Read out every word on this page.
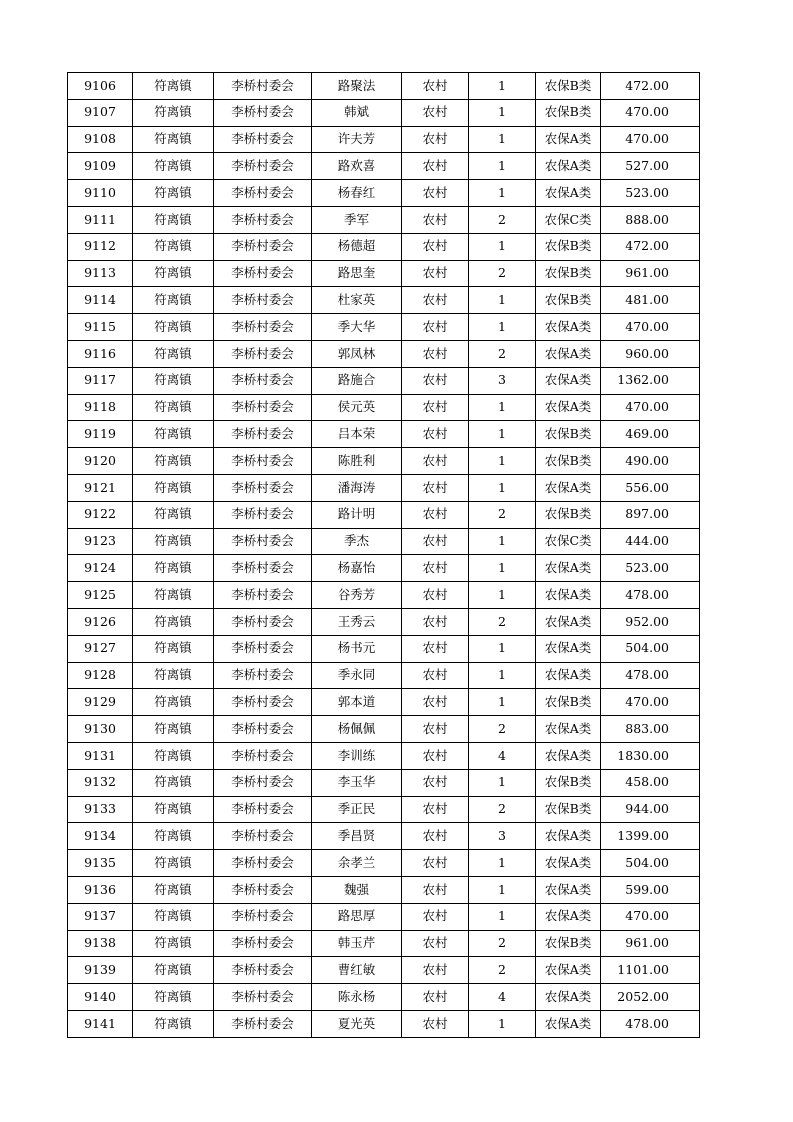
9106	符离镇	李桥村委会	路聚法	农村	1	农保B类	472.00
9107	符离镇	李桥村委会	韩斌	农村	1	农保B类	470.00
9108	符离镇	李桥村委会	许夫芳	农村	1	农保A类	470.00
9109	符离镇	李桥村委会	路欢喜	农村	1	农保A类	527.00
9110	符离镇	李桥村委会	杨春红	农村	1	农保A类	523.00
9111	符离镇	李桥村委会	季军	农村	2	农保C类	888.00
9112	符离镇	李桥村委会	杨德超	农村	1	农保B类	472.00
9113	符离镇	李桥村委会	路思奎	农村	2	农保B类	961.00
9114	符离镇	李桥村委会	杜家英	农村	1	农保B类	481.00
9115	符离镇	李桥村委会	季大华	农村	1	农保A类	470.00
9116	符离镇	李桥村委会	郭凤林	农村	2	农保A类	960.00
9117	符离镇	李桥村委会	路施合	农村	3	农保A类	1362.00
9118	符离镇	李桥村委会	侯元英	农村	1	农保A类	470.00
9119	符离镇	李桥村委会	吕本荣	农村	1	农保B类	469.00
9120	符离镇	李桥村委会	陈胜利	农村	1	农保B类	490.00
9121	符离镇	李桥村委会	潘海涛	农村	1	农保A类	556.00
9122	符离镇	李桥村委会	路计明	农村	2	农保B类	897.00
9123	符离镇	李桥村委会	季杰	农村	1	农保C类	444.00
9124	符离镇	李桥村委会	杨嘉怡	农村	1	农保A类	523.00
9125	符离镇	李桥村委会	谷秀芳	农村	1	农保A类	478.00
9126	符离镇	李桥村委会	王秀云	农村	2	农保A类	952.00
9127	符离镇	李桥村委会	杨书元	农村	1	农保A类	504.00
9128	符离镇	李桥村委会	季永同	农村	1	农保A类	478.00
9129	符离镇	李桥村委会	郭本道	农村	1	农保B类	470.00
9130	符离镇	李桥村委会	杨佩佩	农村	2	农保A类	883.00
9131	符离镇	李桥村委会	李训练	农村	4	农保A类	1830.00
9132	符离镇	李桥村委会	李玉华	农村	1	农保B类	458.00
9133	符离镇	李桥村委会	季正民	农村	2	农保B类	944.00
9134	符离镇	李桥村委会	季昌贤	农村	3	农保A类	1399.00
9135	符离镇	李桥村委会	余孝兰	农村	1	农保A类	504.00
9136	符离镇	李桥村委会	魏强	农村	1	农保A类	599.00
9137	符离镇	李桥村委会	路思厚	农村	1	农保A类	470.00
9138	符离镇	李桥村委会	韩玉芹	农村	2	农保B类	961.00
9139	符离镇	李桥村委会	曹红敏	农村	2	农保A类	1101.00
9140	符离镇	李桥村委会	陈永杨	农村	4	农保A类	2052.00
9141	符离镇	李桥村委会	夏光英	农村	1	农保A类	478.00
